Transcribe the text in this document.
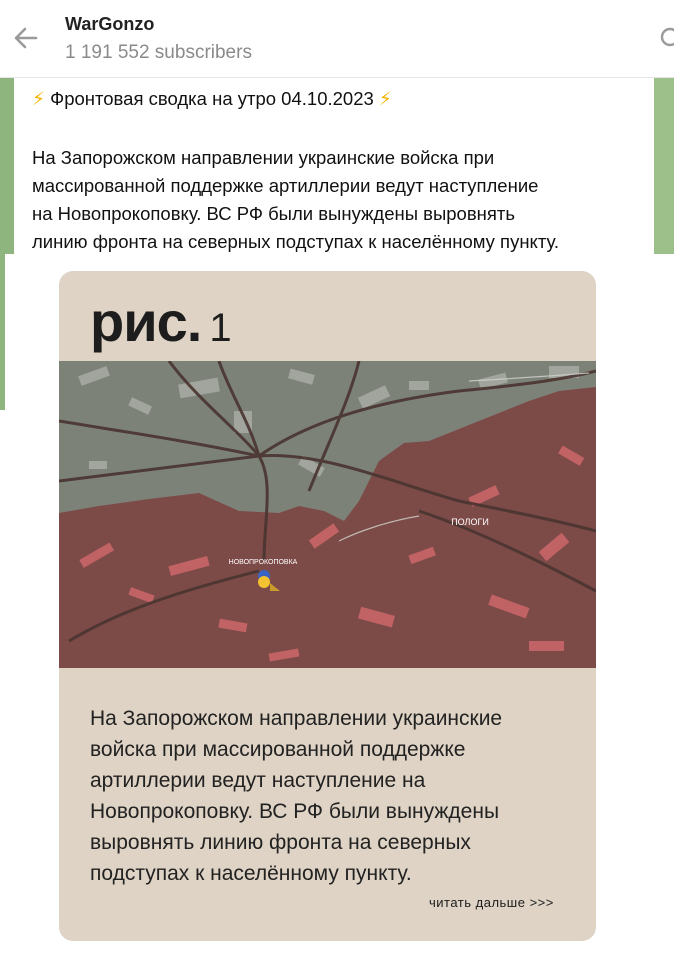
WarGonzo
1 191 552 subscribers
⚡ Фронтовая сводка на утро 04.10.2023 ⚡
На Запорожском направлении украинские войска при
массированной поддержке артиллерии ведут наступление
на Новопрокоповку. ВС РФ были вынуждены выровнять
линию фронта на северных подступах к населённому пункту.
рис. 1
НОВОПРОКОПОВКА
ПОЛОГИ
На Запорожском направлении украинские
войска при массированной поддержке
артиллерии ведут наступление на
Новопрокоповку. ВС РФ были вынуждены
выровнять линию фронта на северных
подступах к населённому пункту.
читать дальше >>>
